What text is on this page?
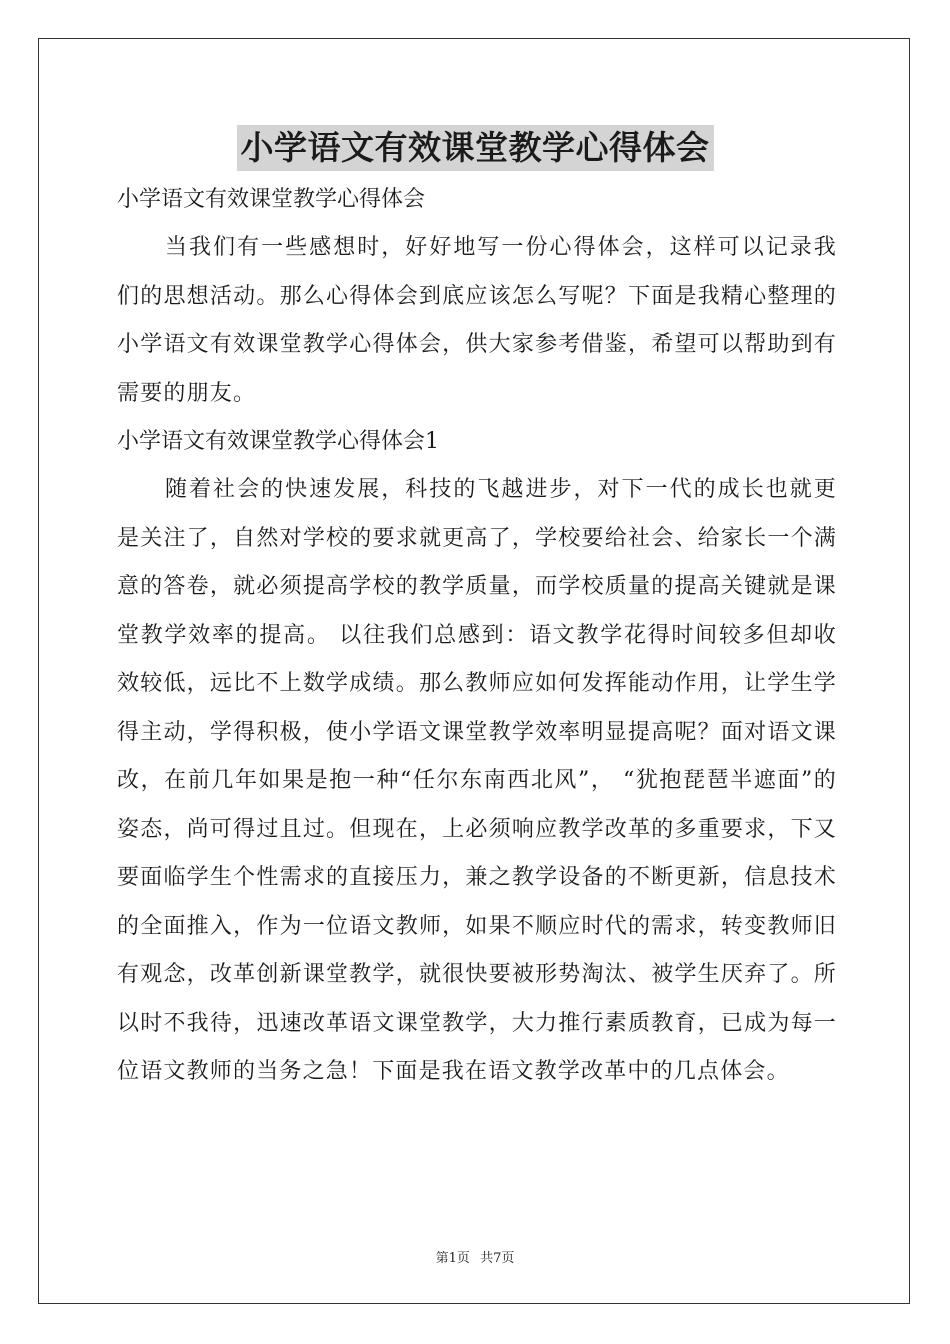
小学语文有效课堂教学心得体会

小学语文有效课堂教学心得体会

当我们有一些感想时，好好地写一份心得体会，这样可以记录我们的思想活动。那么心得体会到底应该怎么写呢？下面是我精心整理的小学语文有效课堂教学心得体会，供大家参考借鉴，希望可以帮助到有需要的朋友。

小学语文有效课堂教学心得体会1

随着社会的快速发展，科技的飞越进步，对下一代的成长也就更是关注了，自然对学校的要求就更高了，学校要给社会、给家长一个满意的答卷，就必须提高学校的教学质量，而学校质量的提高关键就是课堂教学效率的提高。 以往我们总感到：语文教学花得时间较多但却收效较低，远比不上数学成绩。那么教师应如何发挥能动作用，让学生学得主动，学得积极，使小学语文课堂教学效率明显提高呢？面对语文课改，在前几年如果是抱一种“任尔东南西北风”， “犹抱琵琶半遮面”的姿态，尚可得过且过。但现在，上必须响应教学改革的多重要求，下又要面临学生个性需求的直接压力，兼之教学设备的不断更新，信息技术的全面推入，作为一位语文教师，如果不顺应时代的需求，转变教师旧有观念，改革创新课堂教学，就很快要被形势淘汰、被学生厌弃了。所以时不我待，迅速改革语文课堂教学，大力推行素质教育，已成为每一位语文教师的当务之急！下面是我在语文教学改革中的几点体会。

第1页 共7页
